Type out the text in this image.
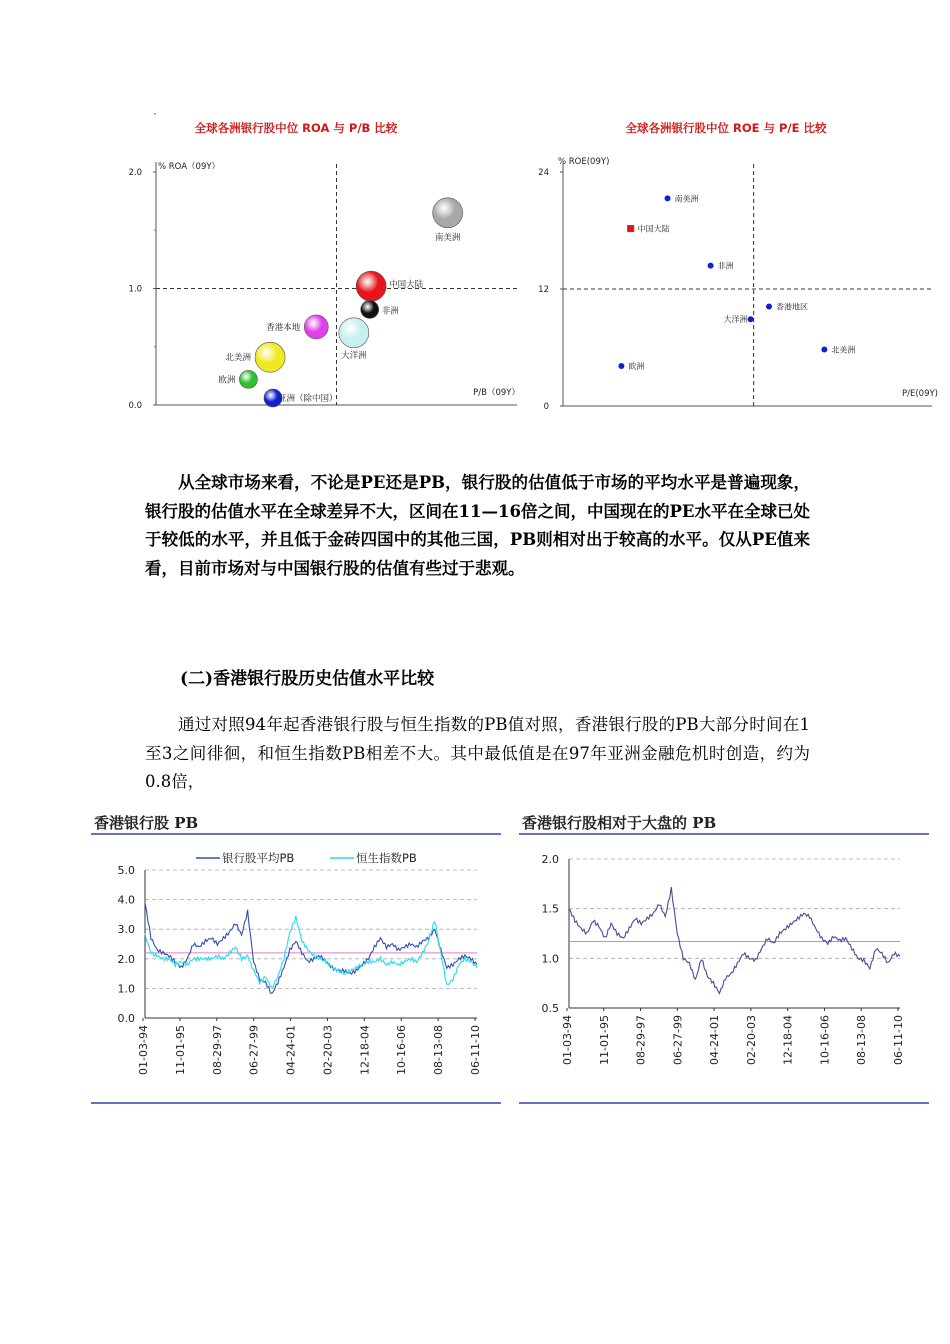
全球各洲银行股中位 ROA 与 P/B 比较
% ROA（09Y）
P/B（09Y）
0.0
1.0
2.0
南美洲
中国大陆
非洲
香港本地
大洋洲
北美洲
欧洲
亚洲（除中国）
全球各洲银行股中位 ROE 与 P/E 比较
% ROE(09Y)
P/E(09Y)
0
12
24
南美洲
中国大陆
非洲
香港地区
大洋洲
北美洲
欧洲

从全球市场来看，不论是PE还是PB，银行股的估值低于市场的平均水平是普遍现象，银行股的估值水平在全球差异不大，区间在11—16倍之间，中国现在的PE水平在全球已处于较低的水平，并且低于金砖四国中的其他三国，PB则相对出于较高的水平。仅从PE值来看，目前市场对与中国银行股的估值有些过于悲观。

(二)香港银行股历史估值水平比较

通过对照94年起香港银行股与恒生指数的PB值对照，香港银行股的PB大部分时间在1至3之间徘徊，和恒生指数PB相差不大。其中最低值是在97年亚洲金融危机时创造，约为0.8倍，

香港银行股 PB
0.0
1.0
2.0
3.0
4.0
5.0
01-03-94 11-01-95 08-29-97 06-27-99 04-24-01 02-20-03 12-18-04 10-16-06 08-13-08 06-11-10
银行股平均PB	恒生指数PB
香港银行股相对于大盘的 PB
0.5
1.0
1.5
2.0
01-03-94 11-01-95 08-29-97 06-27-99 04-24-01 02-20-03 12-18-04 10-16-06 08-13-08 06-11-10
